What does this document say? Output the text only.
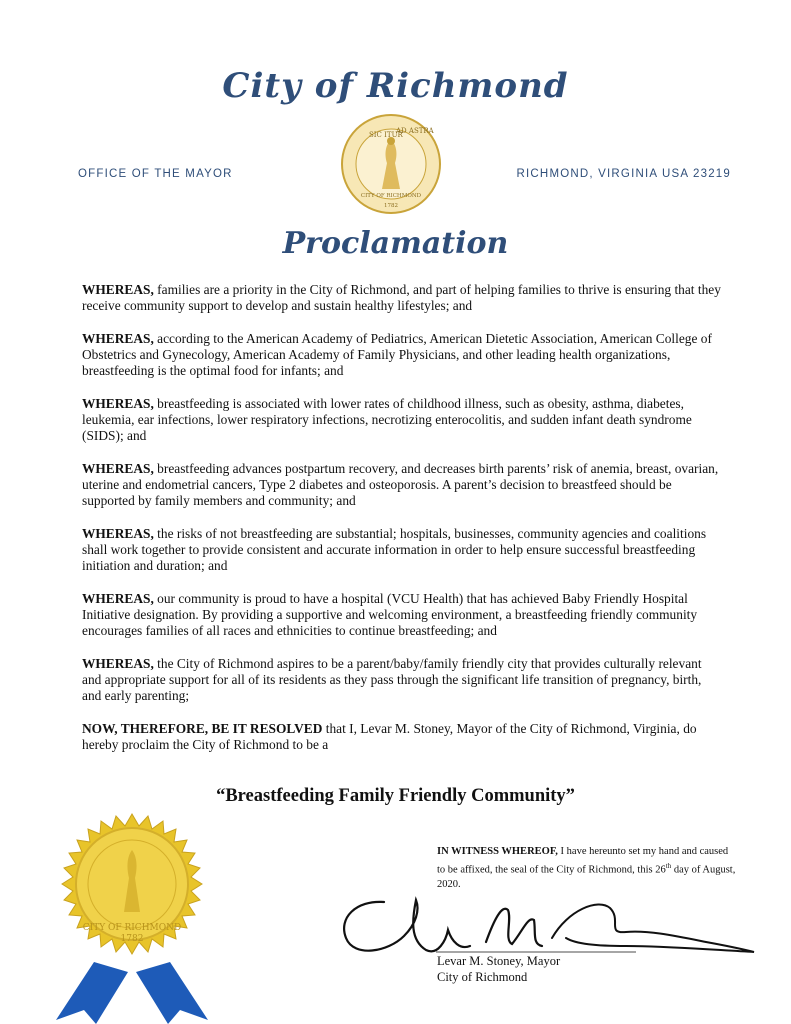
City of Richmond
OFFICE OF THE MAYOR	RICHMOND, VIRGINIA USA 23219
SIC ITUR
AD ASTRA
CITY OF RICHMOND
1782
Proclamation

WHEREAS, families are a priority in the City of Richmond, and part of helping families to thrive is ensuring that they receive community support to develop and sustain healthy lifestyles; and

WHEREAS, according to the American Academy of Pediatrics, American Dietetic Association, American College of Obstetrics and Gynecology, American Academy of Family Physicians, and other leading health organizations, breastfeeding is the optimal food for infants; and

WHEREAS, breastfeeding is associated with lower rates of childhood illness, such as obesity, asthma, diabetes, leukemia, ear infections, lower respiratory infections, necrotizing enterocolitis, and sudden infant death syndrome (SIDS); and

WHEREAS, breastfeeding advances postpartum recovery, and decreases birth parents’ risk of anemia, breast, ovarian, uterine and endometrial cancers, Type 2 diabetes and osteoporosis. A parent’s decision to breastfeed should be supported by family members and community; and

WHEREAS, the risks of not breastfeeding are substantial; hospitals, businesses, community agencies and coalitions shall work together to provide consistent and accurate information in order to help ensure successful breastfeeding initiation and duration; and

WHEREAS, our community is proud to have a hospital (VCU Health) that has achieved Baby Friendly Hospital Initiative designation. By providing a supportive and welcoming environment, a breastfeeding friendly community encourages families of all races and ethnicities to continue breastfeeding; and

WHEREAS, the City of Richmond aspires to be a parent/baby/family friendly city that provides culturally relevant and appropriate support for all of its residents as they pass through the significant life transition of pregnancy, birth, and early parenting;

NOW, THEREFORE, BE IT RESOLVED that I, Levar M. Stoney, Mayor of the City of Richmond, Virginia, do hereby proclaim the City of Richmond to be a

“Breastfeeding Family Friendly Community”
CITY OF RICHMOND
1782
IN WITNESS WHEREOF, I have hereunto set my hand and caused to be affixed, the seal of the City of Richmond, this 26th day of August, 2020.
Levar M. Stoney, Mayor
City of Richmond
